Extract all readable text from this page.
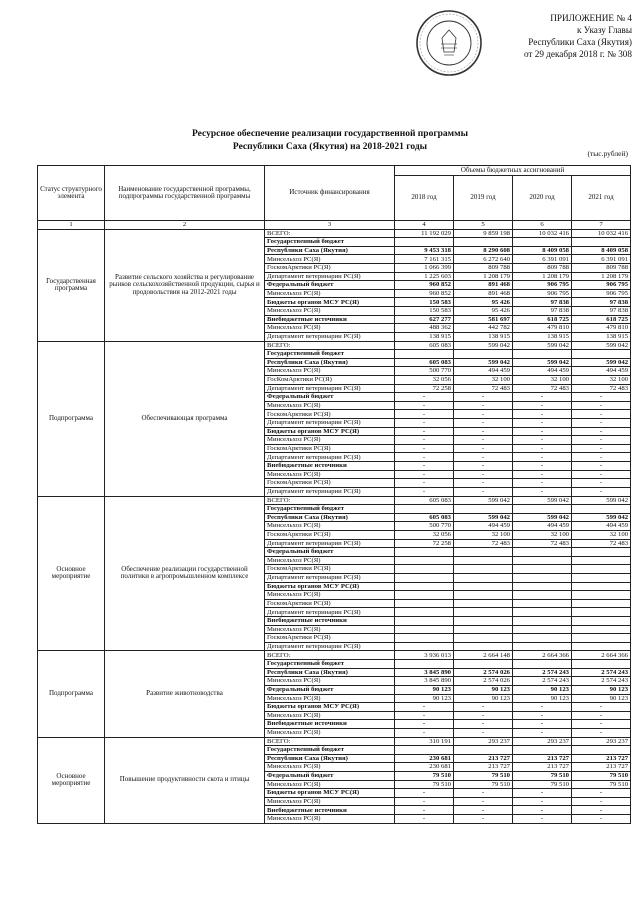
ПРИЛОЖЕНИЕ № 4
к Указу Главы
Республики Саха (Якутия)
от 29 декабря 2018 г. № 308
Ресурсное обеспечение реализации государственной программы
Республики Саха (Якутия) на 2018-2021 годы
(тыс.рублей)
Статус структурного элемента	Наименование государственной программы, подпрограммы государственной программы	Источник финансирования	Объемы бюджетных ассигнований			
			2018 год	2019 год	2020 год	2021 год
1	2	3	4	5	6	7
Государственная программа	Развитие сельского хозяйства и регулирование рынков сельскохозяйственной продукции, сырья и продовольствия на 2012-2021 годы	ВСЕГО:	11 192 029	9 859 198	10 032 416	10 032 416
		Государственный бюджет				
		Республики Саха (Якутия)	9 453 318	8 290 608	8 409 058	8 409 058
		Минсельхоз РС(Я)	7 161 315	6 272 640	6 391 091	6 391 091
		ГоскомАрктики РС(Я)	1 066 399	809 788	809 788	809 788
		Департамент ветеринарии РС(Я)	1 225 603	1 208 179	1 208 179	1 208 179
		Федеральный бюджет	960 852	891 468	906 795	906 795
		Минсельхоз РС(Я)	960 852	891 468	906 795	906 795
		Бюджеты органов МСУ РС(Я)	150 583	95 426	97 838	97 838
		Минсельхоз РС(Я)	150 583	95 426	97 838	97 838
		Внебюджетные источники	627 277	581 697	618 725	618 725
		Минсельхоз РС(Я)	488 362	442 782	479 810	479 810
		Департамент ветеринарии РС(Я)	138 915	138 915	138 915	138 915
Подпрограмма	Обеспечивающая программа	ВСЕГО:	605 083	599 042	599 042	599 042
		Государственный бюджет				
		Республики Саха (Якутия)	605 083	599 042	599 042	599 042
		Минсельхоз РС(Я)	500 770	494 459	494 459	494 459
		ГосКомАрктики РС(Я)	32 056	32 100	32 100	32 100
		Департамент ветеринарии РС(Я)	72 258	72 483	72 483	72 483
		Федеральный бюджет	-	-	-	-
		Минсельхоз РС(Я)	-	-	-	-
		ГоскомАрктики РС(Я)	-	-	-	-
		Департамент ветеринарии РС(Я)	-	-	-	-
		Бюджеты органов МСУ РС(Я)	-	-	-	-
		Минсельхоз РС(Я)	-	-	-	-
		ГоскомАрктики РС(Я)	-	-	-	-
		Департамент ветеринарии РС(Я)	-	-	-	-
		Внебюджетные источники	-	-	-	-
		Минсельхоз РС(Я)	-	-	-	-
		ГоскомАрктики РС(Я)	-	-	-	-
		Департамент ветеринарии РС(Я)	-	-	-	-
Основное мероприятие	Обеспечение реализации государственной политики в агропромышленном комплексе	ВСЕГО:	605 083	599 042	599 042	599 042
		Государственный бюджет				
		Республики Саха (Якутия)	605 083	599 042	599 042	599 042
		Минсельхоз РС(Я)	500 770	494 459	494 459	494 459
		ГоскомАрктики РС(Я)	32 056	32 100	32 100	32 100
		Департамент ветеринарии РС(Я)	72 258	72 483	72 483	72 483
		Федеральный бюджет				
		Минсельхоз РС(Я)				
		ГоскомАрктики РС(Я)				
		Департамент ветеринарии РС(Я)				
		Бюджеты органов МСУ РС(Я)				
		Минсельхоз РС(Я)				
		ГоскомАрктики РС(Я)				
		Департамент ветеринарии РС(Я)				
		Внебюджетные источники				
		Минсельхоз РС(Я)				
		ГоскомАрктики РС(Я)				
		Департамент ветеринарии РС(Я)				
Подпрограмма	Развитие животноводства	ВСЕГО:	3 936 013	2 664 148	2 664 366	2 664 366
		Государственный бюджет				
		Республики Саха (Якутия)	3 845 890	2 574 026	2 574 243	2 574 243
		Минсельхоз РС(Я)	3 845 890	2 574 026	2 574 243	2 574 243
		Федеральный бюджет	90 123	90 123	90 123	90 123
		Минсельхоз РС(Я)	90 123	90 123	90 123	90 123
		Бюджеты органов МСУ РС(Я)	-	-	-	-
		Минсельхоз РС(Я)	-	-	-	-
		Внебюджетные источники	-	-	-	-
		Минсельхоз РС(Я)	-	-	-	-
Основное мероприятие	Повышение продуктивности скота и птицы	ВСЕГО:	310 191	293 237	293 237	293 237
		Государственный бюджет				
		Республики Саха (Якутия)	230 681	213 727	213 727	213 727
		Минсельхоз РС(Я)	230 681	213 727	213 727	213 727
		Федеральный бюджет	79 510	79 510	79 510	79 510
		Минсельхоз РС(Я)	79 510	79 510	79 510	79 510
		Бюджеты органов МСУ РС(Я)	-	-	-	-
		Минсельхоз РС(Я)	-	-	-	-
		Внебюджетные источники	-	-	-	-
		Минсельхоз РС(Я)	-	-	-	-
